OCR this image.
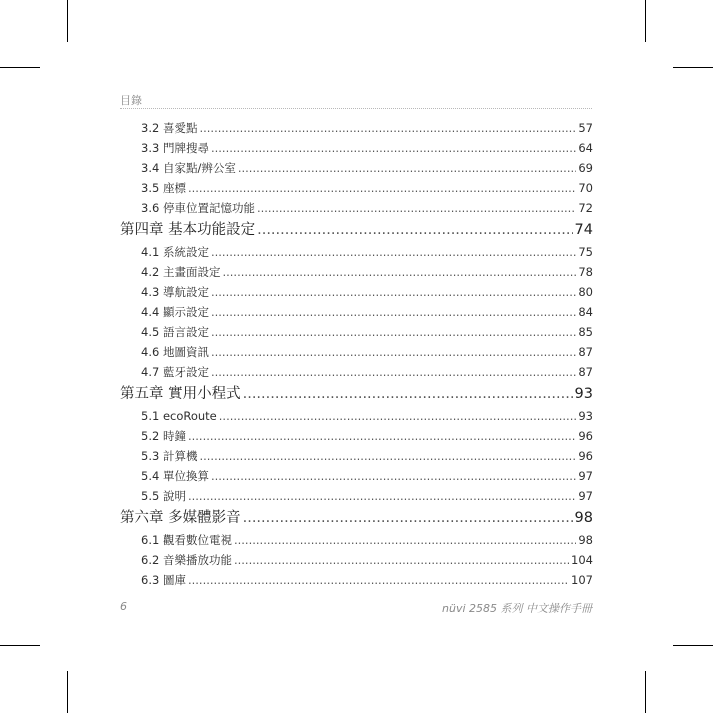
目錄
3.2 喜愛點 .....	57
3.3 門牌搜尋 .....	64
3.4 自家點/辨公室 .....	69
3.5 座標 .....	70
3.6 停車位置記憶功能 .....	72
第四章 基本功能設定 .....	74
4.1 系統設定 .....	75
4.2 主畫面設定 .....	78
4.3 導航設定 .....	80
4.4 顯示設定 .....	84
4.5 語言設定 .....	85
4.6 地圖資訊 .....	87
4.7 藍牙設定 .....	87
第五章 實用小程式 .....	93
5.1 ecoRoute .....	93
5.2 時鐘 .....	96
5.3 計算機 .....	96
5.4 單位換算 .....	97
5.5 說明 .....	97
第六章 多媒體影音 .....	98
6.1 觀看數位電視 .....	98
6.2 音樂播放功能 .....	104
6.3 圖庫 .....	107
6	nüvi 2585 系列 中文操作手冊
